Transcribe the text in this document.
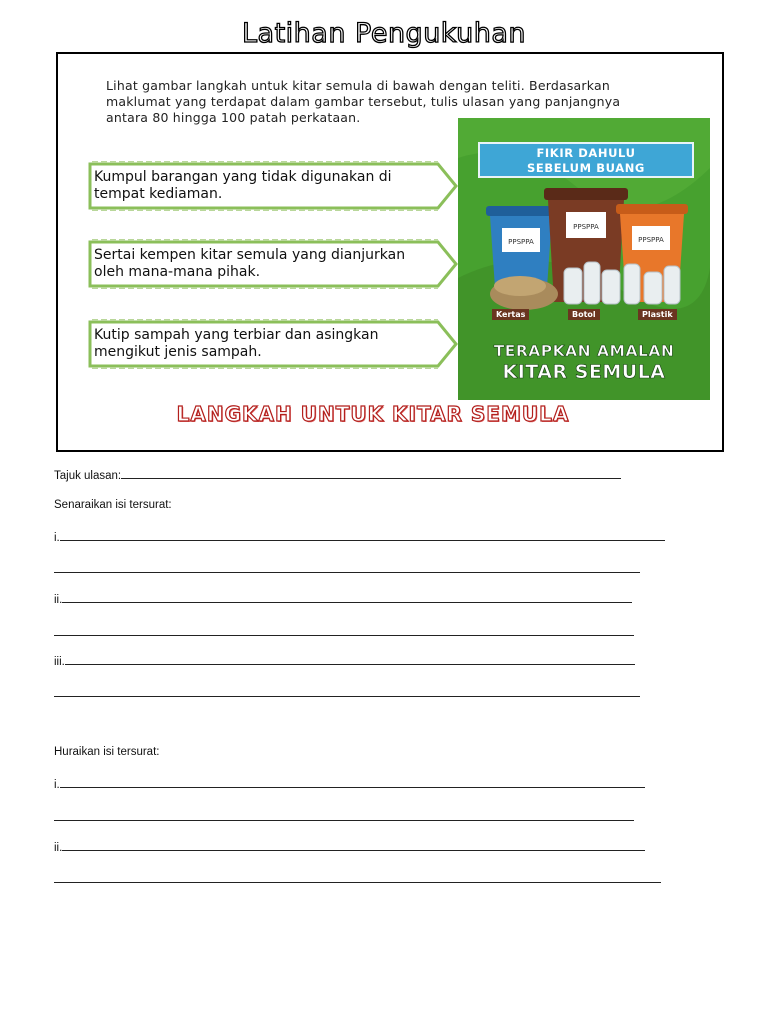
Latihan Pengukuhan
Lihat gambar langkah untuk kitar semula di bawah dengan teliti. Berdasarkan maklumat yang terdapat dalam gambar tersebut, tulis ulasan yang panjangnya antara 80 hingga 100 patah perkataan.
Kumpul barangan yang tidak digunakan di tempat kediaman.
Sertai kempen kitar semula yang dianjurkan oleh mana-mana pihak.
Kutip sampah yang terbiar dan asingkan mengikut jenis sampah.
FIKIR DAHULU
SEBELUM BUANG
PPSPPA
PPSPPA
PPSPPA
Kertas	Botol	Plastik
TERAPKAN AMALAN
KITAR SEMULA
LANGKAH UNTUK KITAR SEMULA
Tajuk ulasan:
Senaraikan isi tersurat:
i.
ii.
iii.
Huraikan isi tersurat:
i.
ii.
